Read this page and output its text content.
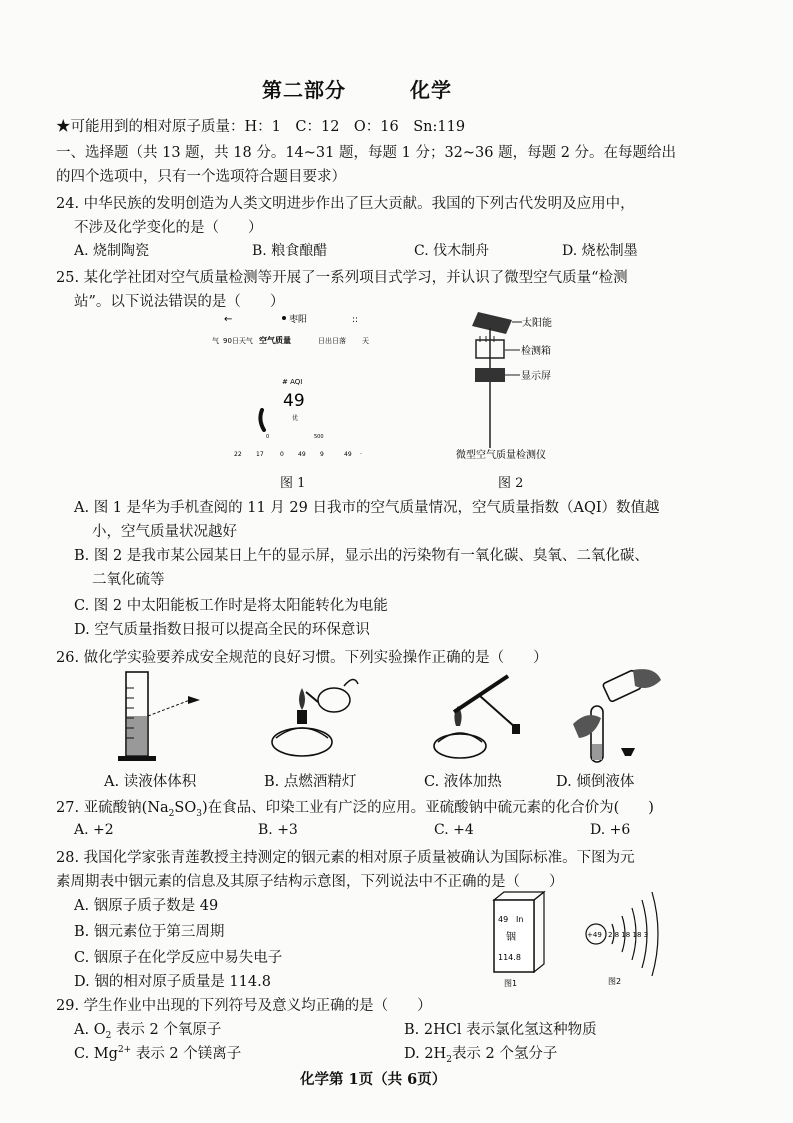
第二部分	化学
★可能用到的相对原子质量：H：1　C：12　O：16　Sn:119
一、选择题（共 13 题，共 18 分。14~31 题，每题 1 分；32~36 题，每题 2 分。在每题给出
的四个选项中，只有一个选项符合题目要求）
24. 中华民族的发明创造为人类文明进步作出了巨大贡献。我国的下列古代发明及应用中，
不涉及化学变化的是（　　）
A. 烧制陶瓷	B. 粮食酿醋	C. 伐木制舟	D. 烧松制墨
25. 某化学社团对空气质量检测等开展了一系列项目式学习，并认识了微型空气质量“检测
站”。以下说法错误的是（　　）
←	枣阳	::
气 90日天气 空气质量	日出日落 天
# AQI
49
优
0	500
22 17	0 49 9	49 ·
图 1
太阳能
检测箱
显示屏
微型空气质量检测仪
图 2
A. 图 1 是华为手机查阅的 11 月 29 日我市的空气质量情况，空气质量指数（AQI）数值越
小，空气质量状况越好
B. 图 2 是我市某公园某日上午的显示屏，显示出的污染物有一氧化碳、臭氧、二氧化碳、
二氧化硫等
C. 图 2 中太阳能板工作时是将太阳能转化为电能
D. 空气质量指数日报可以提高全民的环保意识
26. 做化学实验要养成安全规范的良好习惯。下列实验操作正确的是（　　）
A. 读液体体积	B. 点燃酒精灯	C. 液体加热	D. 倾倒液体
27. 亚硫酸钠$(Na_2SO_3)$在食品、印染工业有广泛的应用。亚硫酸钠中硫元素的化合价为(　　)
A. +2	B. +3	C. +4	D. +6
28. 我国化学家张青莲教授主持测定的铟元素的相对原子质量被确认为国际标准。下图为元
素周期表中铟元素的信息及其原子结构示意图，下列说法中不正确的是（　　）
A. 铟原子质子数是 49
B. 铟元素位于第三周期
C. 铟原子在化学反应中易失电子
D. 铟的相对原子质量是 114.8
49 In
铟
114.8
图1
+49 2 8 18 18 3
图2
29. 学生作业中出现的下列符号及意义均正确的是（　　）
A. $O_2$ 表示 2 个氧原子	B. 2HCl 表示氯化氢这种物质
C. $Mg^{2+}$ 表示 2 个镁离子	D. $2H_2$表示 2 个氢分子
化学第 1页（共 6页）
